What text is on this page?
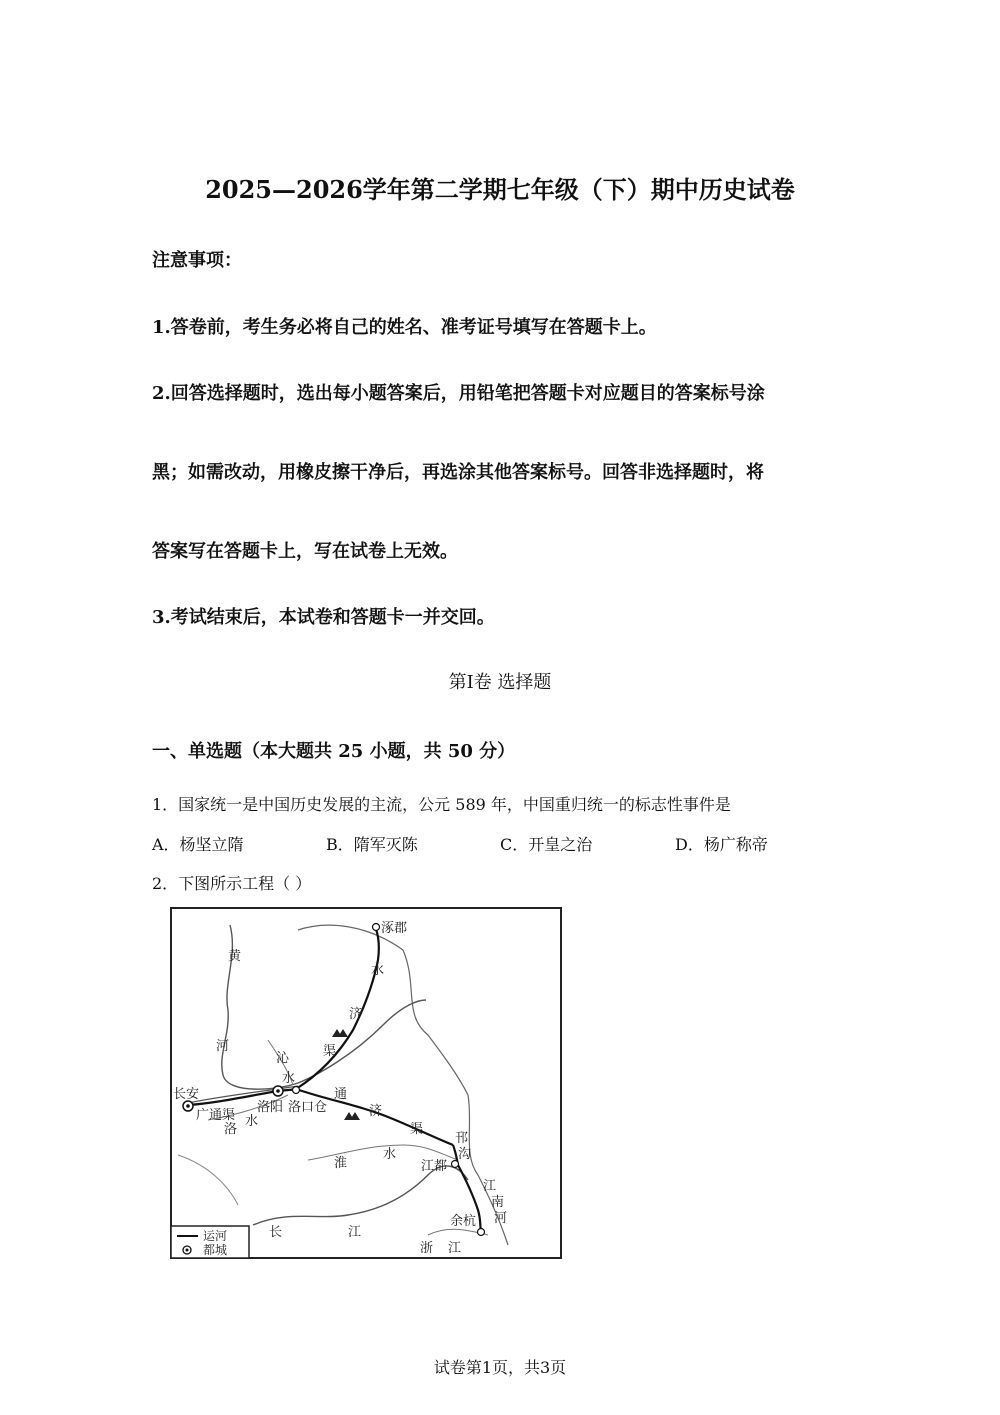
2025—2026学年第二学期七年级（下）期中历史试卷
注意事项：
1.答卷前，考生务必将自己的姓名、准考证号填写在答题卡上。
2.回答选择题时，选出每小题答案后，用铅笔把答题卡对应题目的答案标号涂
黑；如需改动，用橡皮擦干净后，再选涂其他答案标号。回答非选择题时，将
答案写在答题卡上，写在试卷上无效。
3.考试结束后，本试卷和答题卡一并交回。
第Ⅰ卷 选择题
一、单选题（本大题共 25 小题，共 50 分）
1．国家统一是中国历史发展的主流，公元 589 年，中国重归统一的标志性事件是
A．杨坚立隋	B．隋军灭陈	C．开皇之治	D．杨广称帝
2．下图所示工程（ ）
涿郡
水
济
渠
黄
河
沁
水
长安
洛阳 洛口仓
通
济
渠
广通渠
洛
水
淮
水
邗
沟
江都
江
南
河
余杭
长	江
浙 江
运河
都城
试卷第1页，共3页
